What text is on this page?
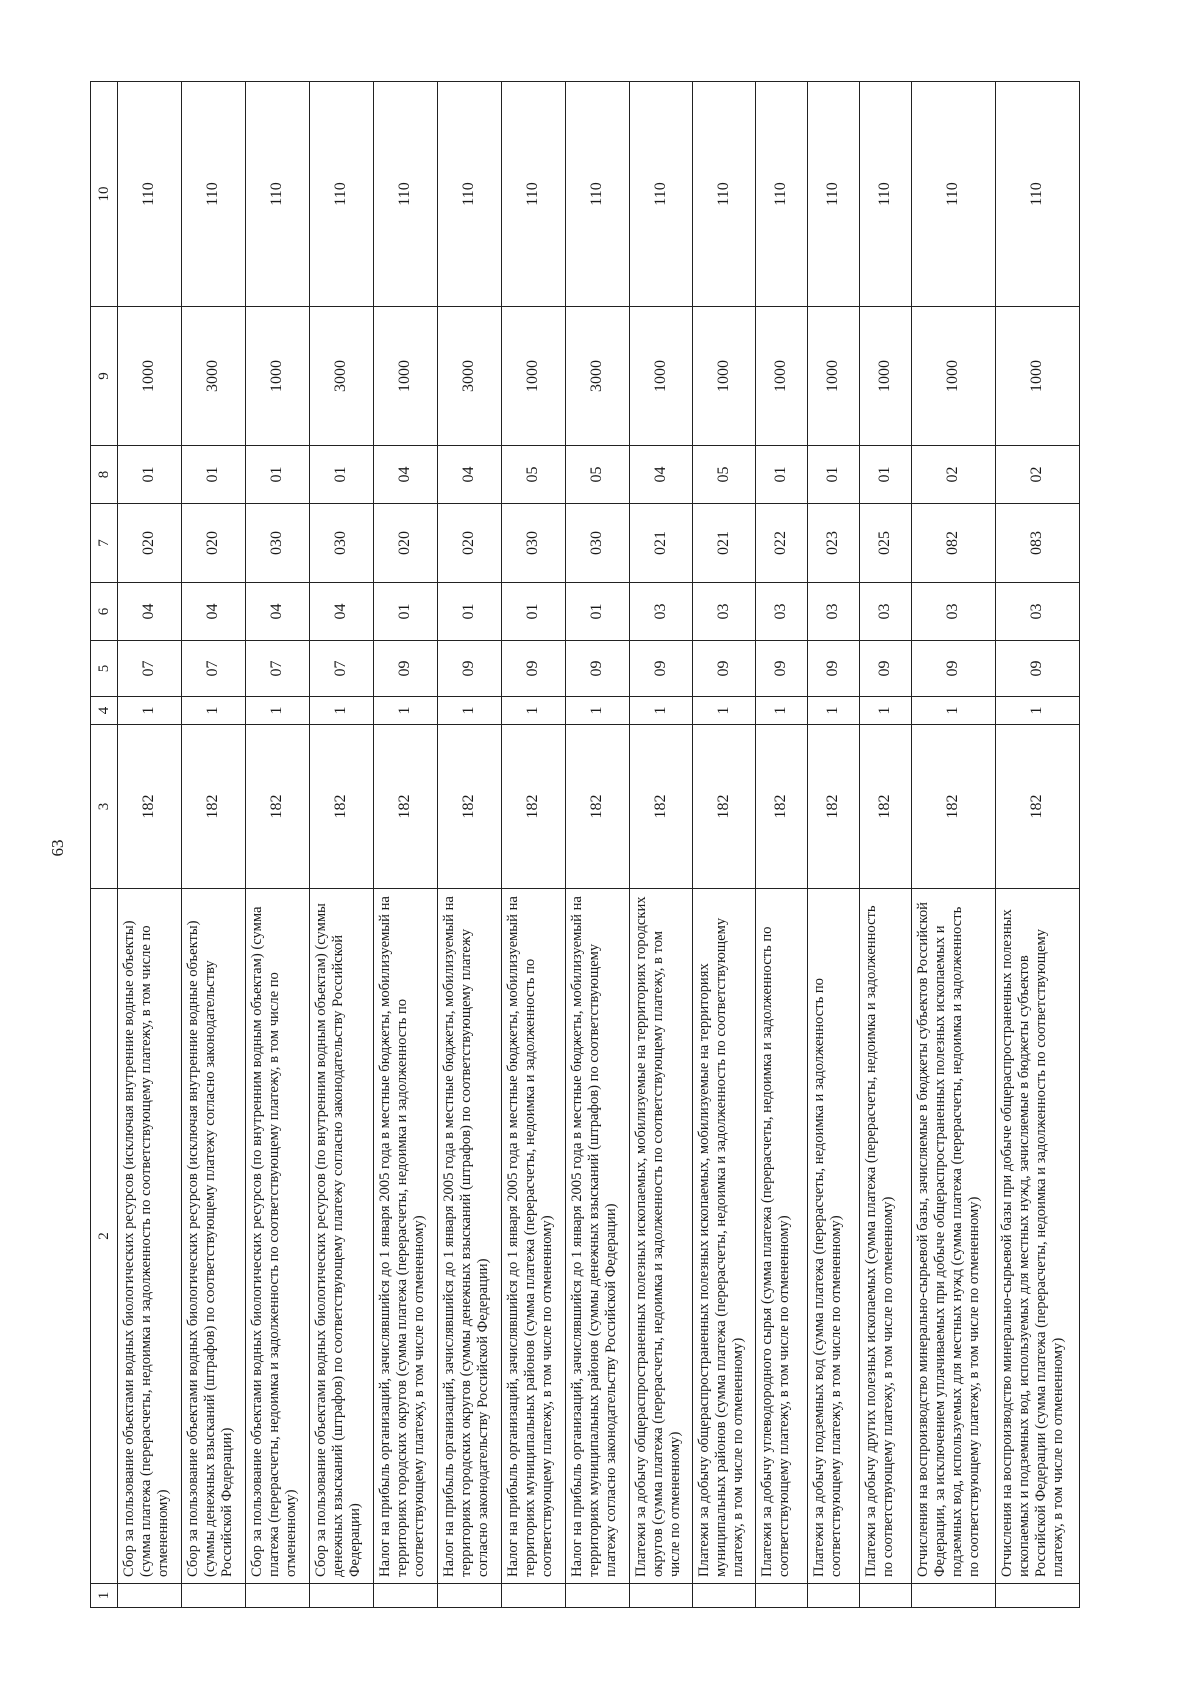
63
1	2	3	4	5	6	7	8	9	10
	Сбор за пользование объектами водных биологических ресурсов (исключая внутренние водные объекты) (сумма платежа (перерасчеты, недоимка и задолженность по соответствующему платежу, в том числе по отмененному)	182	1	07	04	020	01	1000	110
	Сбор за пользование объектами водных биологических ресурсов (исключая внутренние водные объекты) (суммы денежных взысканий (штрафов) по соответствующему платежу согласно законодательству Российской Федерации)	182	1	07	04	020	01	3000	110
	Сбор за пользование объектами водных биологических ресурсов (по внутренним водным объектам) (сумма платежа (перерасчеты, недоимка и задолженность по соответствующему платежу, в том числе по отмененному)	182	1	07	04	030	01	1000	110
	Сбор за пользование объектами водных биологических ресурсов (по внутренним водным объектам) (суммы денежных взысканий (штрафов) по соответствующему платежу согласно законодательству Российской Федерации)	182	1	07	04	030	01	3000	110
	Налог на прибыль организаций, зачислявшийся до 1 января 2005 года в местные бюджеты, мобилизуемый на территориях городских округов (сумма платежа (перерасчеты, недоимка и задолженность по соответствующему платежу, в том числе по отмененному)	182	1	09	01	020	04	1000	110
	Налог на прибыль организаций, зачислявшийся до 1 января 2005 года в местные бюджеты, мобилизуемый на территориях городских округов (суммы денежных взысканий (штрафов) по соответствующему платежу согласно законодательству Российской Федерации)	182	1	09	01	020	04	3000	110
	Налог на прибыль организаций, зачислявшийся до 1 января 2005 года в местные бюджеты, мобилизуемый на территориях муниципальных районов (сумма платежа (перерасчеты, недоимка и задолженность по соответствующему платежу, в том числе по отмененному)	182	1	09	01	030	05	1000	110
	Налог на прибыль организаций, зачислявшийся до 1 января 2005 года в местные бюджеты, мобилизуемый на территориях муниципальных районов (суммы денежных взысканий (штрафов) по соответствующему платежу согласно законодательству Российской Федерации)	182	1	09	01	030	05	3000	110
	Платежи за добычу общераспространенных полезных ископаемых, мобилизуемые на территориях городских округов (сумма платежа (перерасчеты, недоимка и задолженность по соответствующему платежу, в том числе по отмененному)	182	1	09	03	021	04	1000	110
	Платежи за добычу общераспространенных полезных ископаемых, мобилизуемые на территориях муниципальных районов (сумма платежа (перерасчеты, недоимка и задолженность по соответствующему платежу, в том числе по отмененному)	182	1	09	03	021	05	1000	110
	Платежи за добычу углеводородного сырья (сумма платежа (перерасчеты, недоимка и задолженность по соответствующему платежу, в том числе по отмененному)	182	1	09	03	022	01	1000	110
	Платежи за добычу подземных вод (сумма платежа (перерасчеты, недоимка и задолженность по соответствующему платежу, в том числе по отмененному)	182	1	09	03	023	01	1000	110
	Платежи за добычу других полезных ископаемых (сумма платежа (перерасчеты, недоимка и задолженность по соответствующему платежу, в том числе по отмененному)	182	1	09	03	025	01	1000	110
	Отчисления на воспроизводство минерально-сырьевой базы, зачисляемые в бюджеты субъектов Российской Федерации, за исключением уплачиваемых при добыче общераспространенных полезных ископаемых и подземных вод, используемых для местных нужд (сумма платежа (перерасчеты, недоимка и задолженность по соответствующему платежу, в том числе по отмененному)	182	1	09	03	082	02	1000	110
	Отчисления на воспроизводство минерально-сырьевой базы при добыче общераспространенных полезных ископаемых и подземных вод, используемых для местных нужд, зачисляемые в бюджеты субъектов Российской Федерации (сумма платежа (перерасчеты, недоимка и задолженность по соответствующему платежу, в том числе по отмененному)	182	1	09	03	083	02	1000	110
